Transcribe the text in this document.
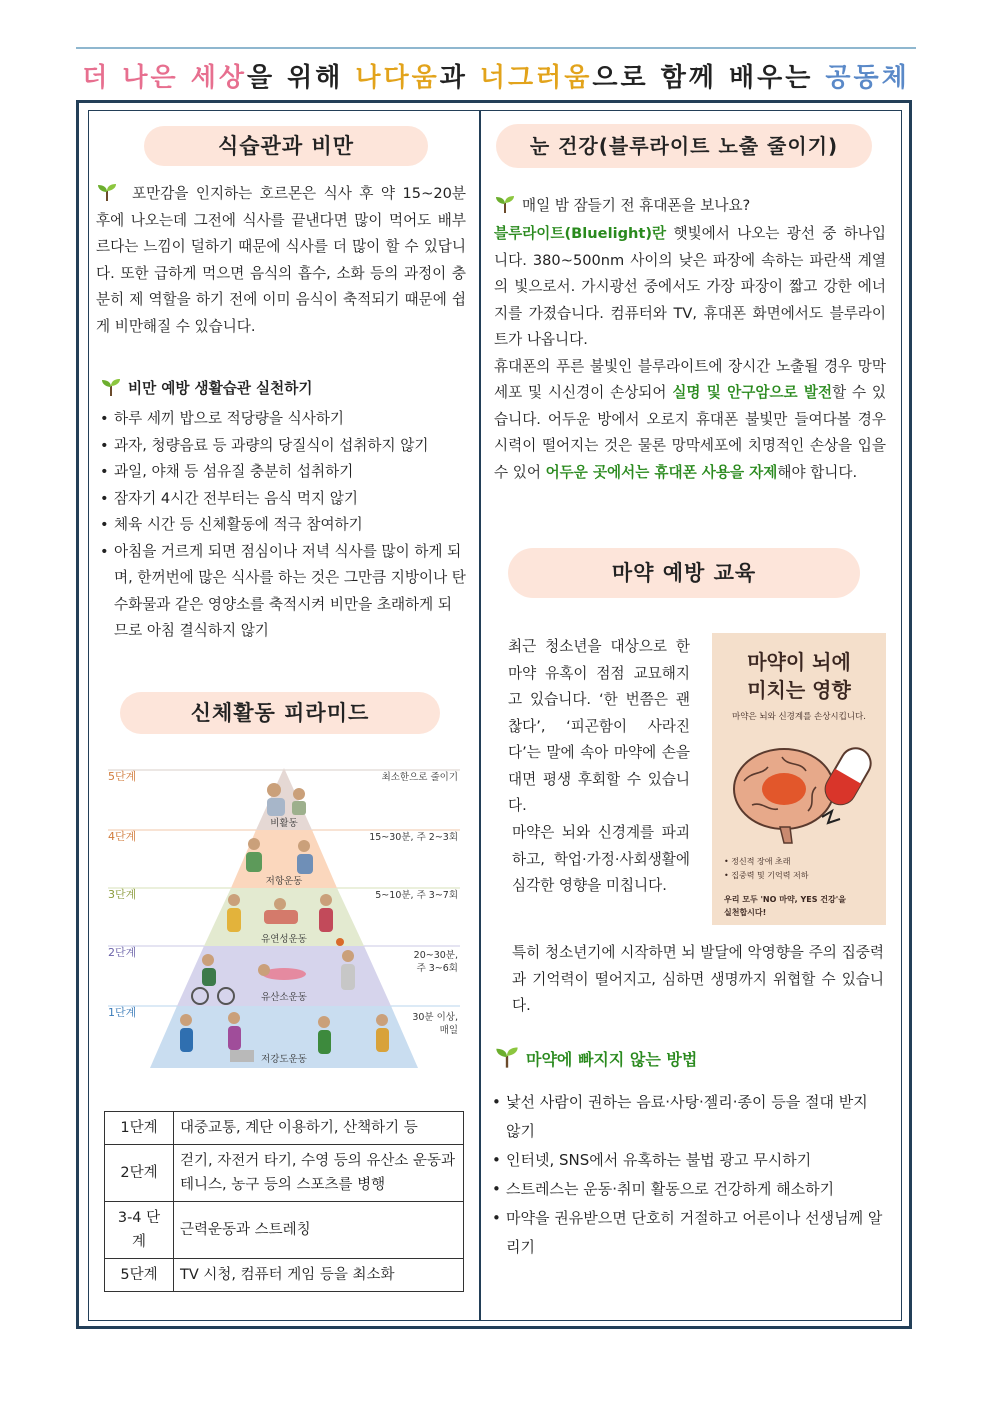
더 나은 세상을 위해 나다움과 너그러움으로 함께 배우는 공동체
식습관과 비만
포만감을 인지하는 호르몬은 식사 후 약 15~20분 후에 나오는데 그전에 식사를 끝낸다면 많이 먹어도 배부르다는 느낌이 덜하기 때문에 식사를 더 많이 할 수 있답니다. 또한 급하게 먹으면 음식의 흡수, 소화 등의 과정이 충분히 제 역할을 하기 전에 이미 음식이 축적되기 때문에 쉽게 비만해질 수 있습니다.
비만 예방 생활습관 실천하기
• 하루 세끼 밥으로 적당량을 식사하기
• 과자, 청량음료 등 과량의 당질식이 섭취하지 않기
• 과일, 야채 등 섬유질 충분히 섭취하기
• 잠자기 4시간 전부터는 음식 먹지 않기
• 체육 시간 등 신체활동에 적극 참여하기
• 아침을 거르게 되면 점심이나 저녁 식사를 많이 하게 되며, 한꺼번에 많은 식사를 하는 것은 그만큼 지방이나 탄수화물과 같은 영양소를 축적시켜 비만을 초래하게 되므로 아침 결식하지 않기
신체활동 피라미드
5단계
4단계
3단계
2단계
1단계
비활동
저항운동
유연성운동
유산소운동
저강도운동
최소한으로 줄이기
15~30분, 주 2~3회
5~10분, 주 3~7회
20~30분,
주 3~6회
30분 이상,
매일
1단계	대중교통, 계단 이용하기, 산책하기 등
2단계	걷기, 자전거 타기, 수영 등의 유산소 운동과 테니스, 농구 등의 스포츠를 병행
3-4 단계	근력운동과 스트레칭
5단계	TV 시청, 컴퓨터 게임 등을 최소화
눈 건강(블루라이트 노출 줄이기)
매일 밤 잠들기 전 휴대폰을 보나요?
블루라이트(Bluelight)란 햇빛에서 나오는 광선 중 하나입니다. 380~500nm 사이의 낮은 파장에 속하는 파란색 계열의 빛으로서. 가시광선 중에서도 가장 파장이 짧고 강한 에너지를 가졌습니다. 컴퓨터와 TV, 휴대폰 화면에서도 블루라이트가 나옵니다.
휴대폰의 푸른 불빛인 블루라이트에 장시간 노출될 경우 망막세포 및 시신경이 손상되어 실명 및 안구암으로 발전할 수 있습니다. 어두운 방에서 오로지 휴대폰 불빛만 들여다볼 경우 시력이 떨어지는 것은 물론 망막세포에 치명적인 손상을 입을 수 있어 어두운 곳에서는 휴대폰 사용을 자제해야 합니다.
마약 예방 교육
최근 청소년을 대상으로 한 마약 유혹이 점점 교묘해지고 있습니다. ‘한 번쯤은 괜찮다’, ‘피곤함이 사라진다’는 말에 속아 마약에 손을 대면 평생 후회할 수 있습니다.
마약은 뇌와 신경계를 파괴하고, 학업·가정·사회생활에 심각한 영향을 미칩니다.
마약이 뇌에
미치는 영향
마약은 뇌와 신경계를 손상시킵니다.
• 정신적 장애 초래
• 집중력 및 기억력 저하
우리 모두 'NO 마약, YES 건강'을
실천합시다!
특히 청소년기에 시작하면 뇌 발달에 악영향을 주의 집중력과 기억력이 떨어지고, 심하면 생명까지 위협할 수 있습니다.
마약에 빠지지 않는 방법
• 낯선 사람이 권하는 음료·사탕·젤리·종이 등을 절대 받지 않기
• 인터넷, SNS에서 유혹하는 불법 광고 무시하기
• 스트레스는 운동·취미 활동으로 건강하게 해소하기
• 마약을 권유받으면 단호히 거절하고 어른이나 선생님께 알리기
